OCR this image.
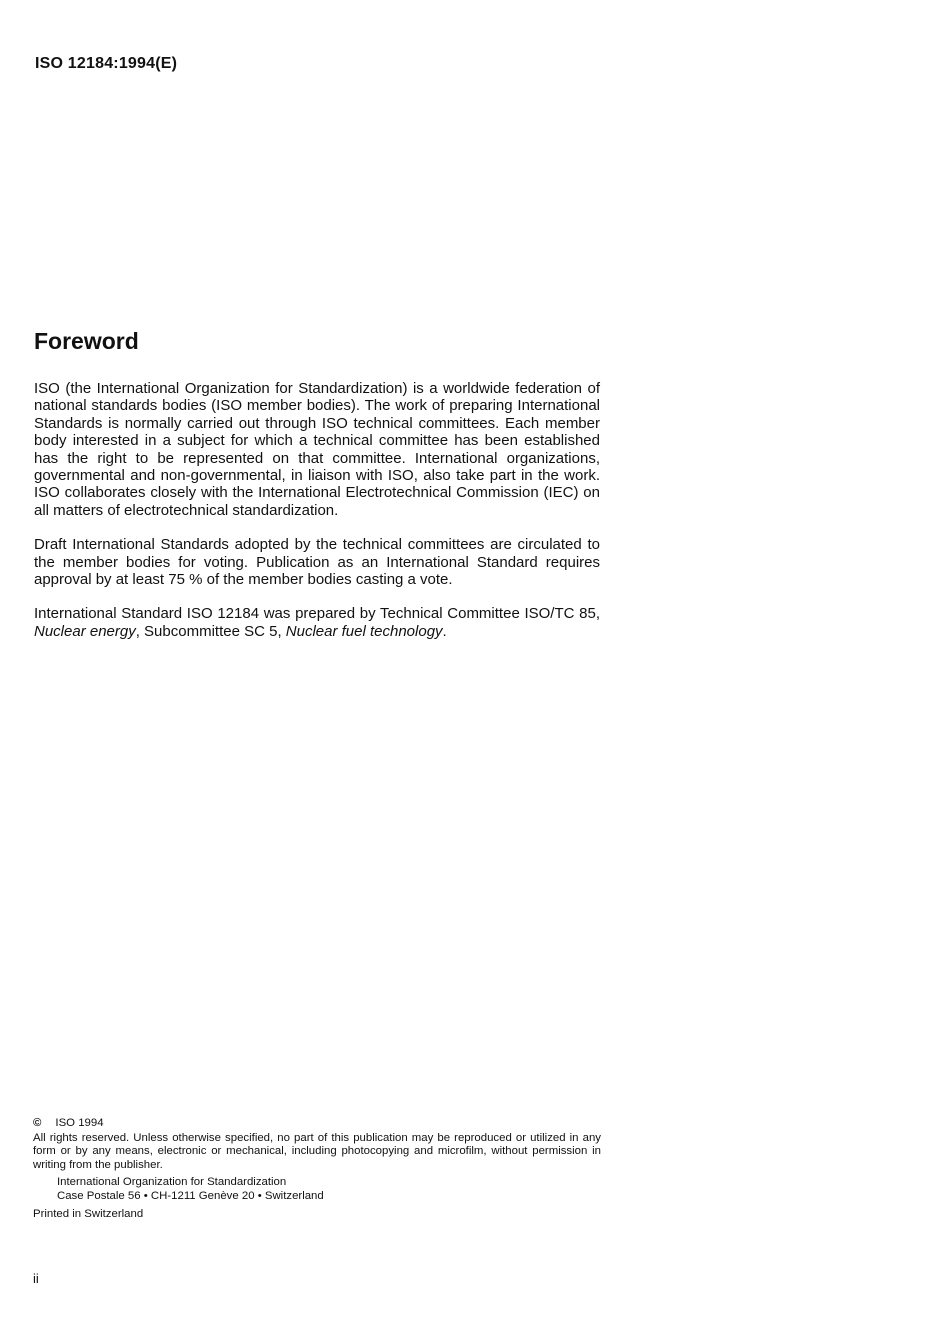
ISO 12184:1994(E)
Foreword

ISO (the International Organization for Standardization) is a worldwide federation of national standards bodies (ISO member bodies). The work of preparing International Standards is normally carried out through ISO technical committees. Each member body interested in a subject for which a technical committee has been established has the right to be represented on that committee. International organizations, governmental and non-governmental, in liaison with ISO, also take part in the work. ISO collaborates closely with the International Electrotechnical Commission (IEC) on all matters of electrotechnical standardization.

Draft International Standards adopted by the technical committees are circulated to the member bodies for voting. Publication as an International Standard requires approval by at least 75 % of the member bodies casting a vote.

International Standard ISO 12184 was prepared by Technical Committee ISO/TC 85, Nuclear energy, Subcommittee SC 5, Nuclear fuel technology.

© ISO 1994
All rights reserved. Unless otherwise specified, no part of this publication may be reproduced or utilized in any form or by any means, electronic or mechanical, including photocopying and microfilm, without permission in writing from the publisher.
International Organization for Standardization
Case Postale 56 • CH-1211 Genève 20 • Switzerland
Printed in Switzerland
ii
